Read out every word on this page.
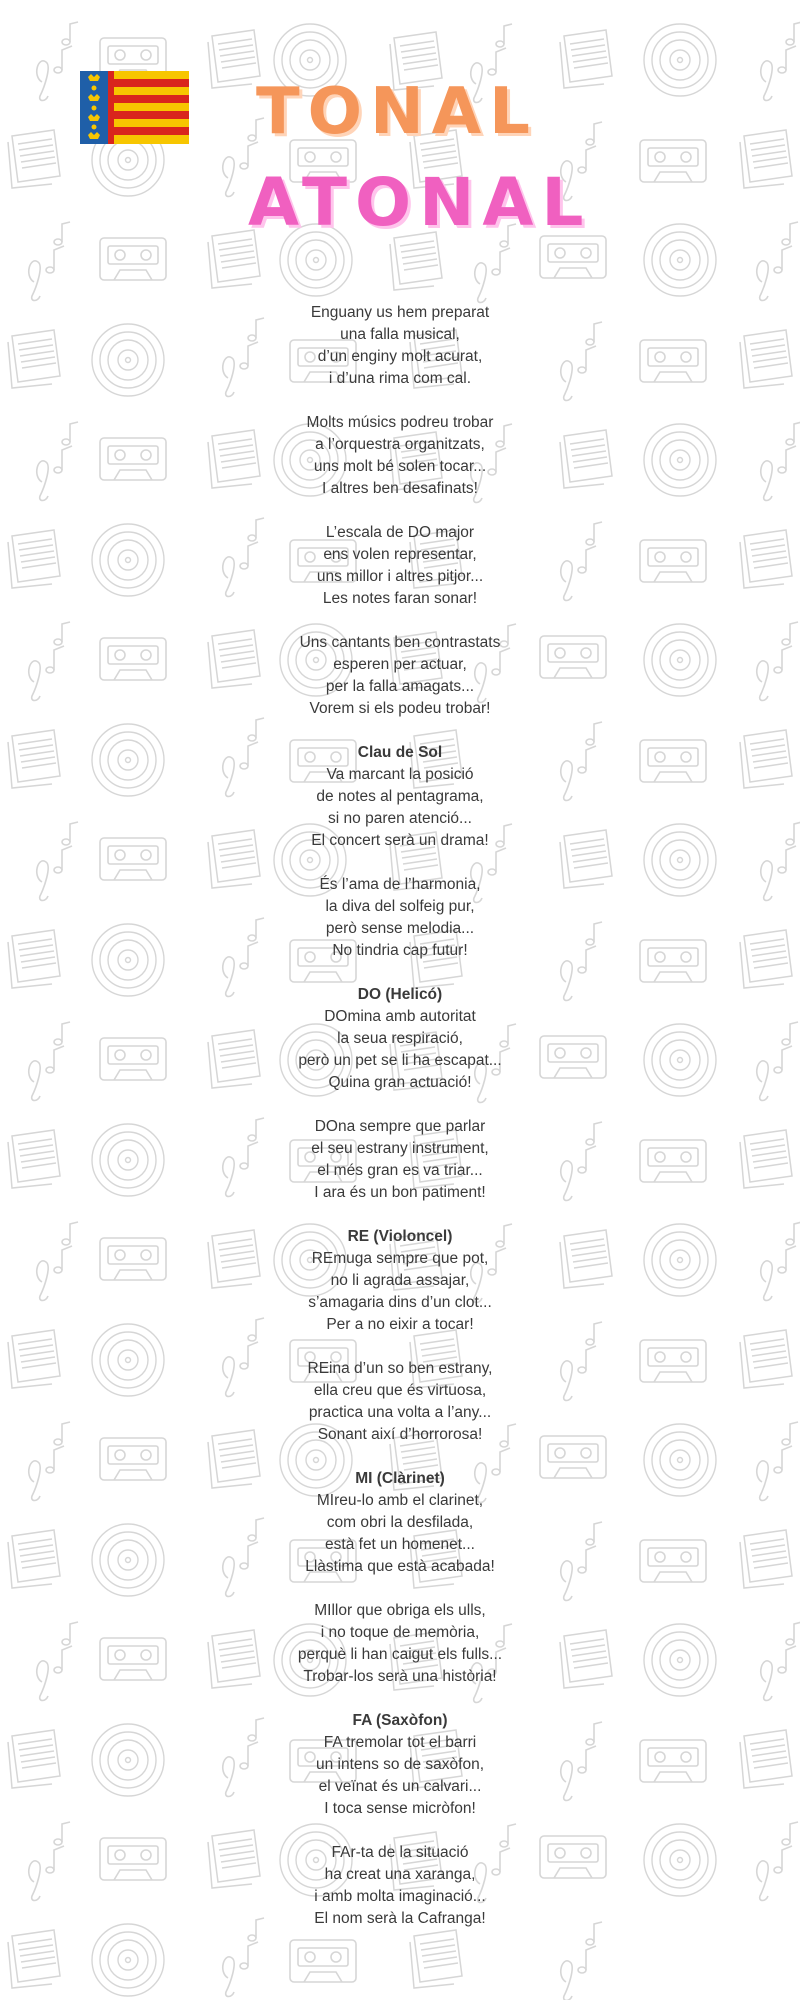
TONAL
ATONAL
Enguany us hem preparat
una falla musical,
d’un enginy molt acurat,
i d’una rima com cal.
Molts músics podreu trobar
a l’orquestra organitzats,
uns molt bé solen tocar...
I altres ben desafinats!
L’escala de DO major
ens volen representar,
uns millor i altres pitjor...
Les notes faran sonar!
Uns cantants ben contrastats
esperen per actuar,
per la falla amagats...
Vorem si els podeu trobar!
Clau de Sol
Va marcant la posició
de notes al pentagrama,
si no paren atenció...
El concert serà un drama!
És l’ama de l’harmonia,
la diva del solfeig pur,
però sense melodia...
No tindria cap futur!
DO (Helicó)
DOmina amb autoritat
la seua respiració,
però un pet se li ha escapat...
Quina gran actuació!
DOna sempre que parlar
el seu estrany instrument,
el més gran es va triar...
I ara és un bon patiment!
RE (Violoncel)
REmuga sempre que pot,
no li agrada assajar,
s’amagaria dins d’un clot...
Per a no eixir a tocar!
REina d’un so ben estrany,
ella creu que és virtuosa,
practica una volta a l’any...
Sonant així d’horrorosa!
MI (Clàrinet)
MIreu-lo amb el clarinet,
com obri la desfilada,
està fet un homenet...
Llàstima que està acabada!
MIllor que obriga els ulls,
i no toque de memòria,
perquè li han caigut els fulls...
Trobar-los serà una història!
FA (Saxòfon)
FA tremolar tot el barri
un intens so de saxòfon,
el veïnat és un calvari...
I toca sense micròfon!
FAr-ta de la situació
ha creat una xaranga,
i amb molta imaginació...
El nom serà la Cafranga!
